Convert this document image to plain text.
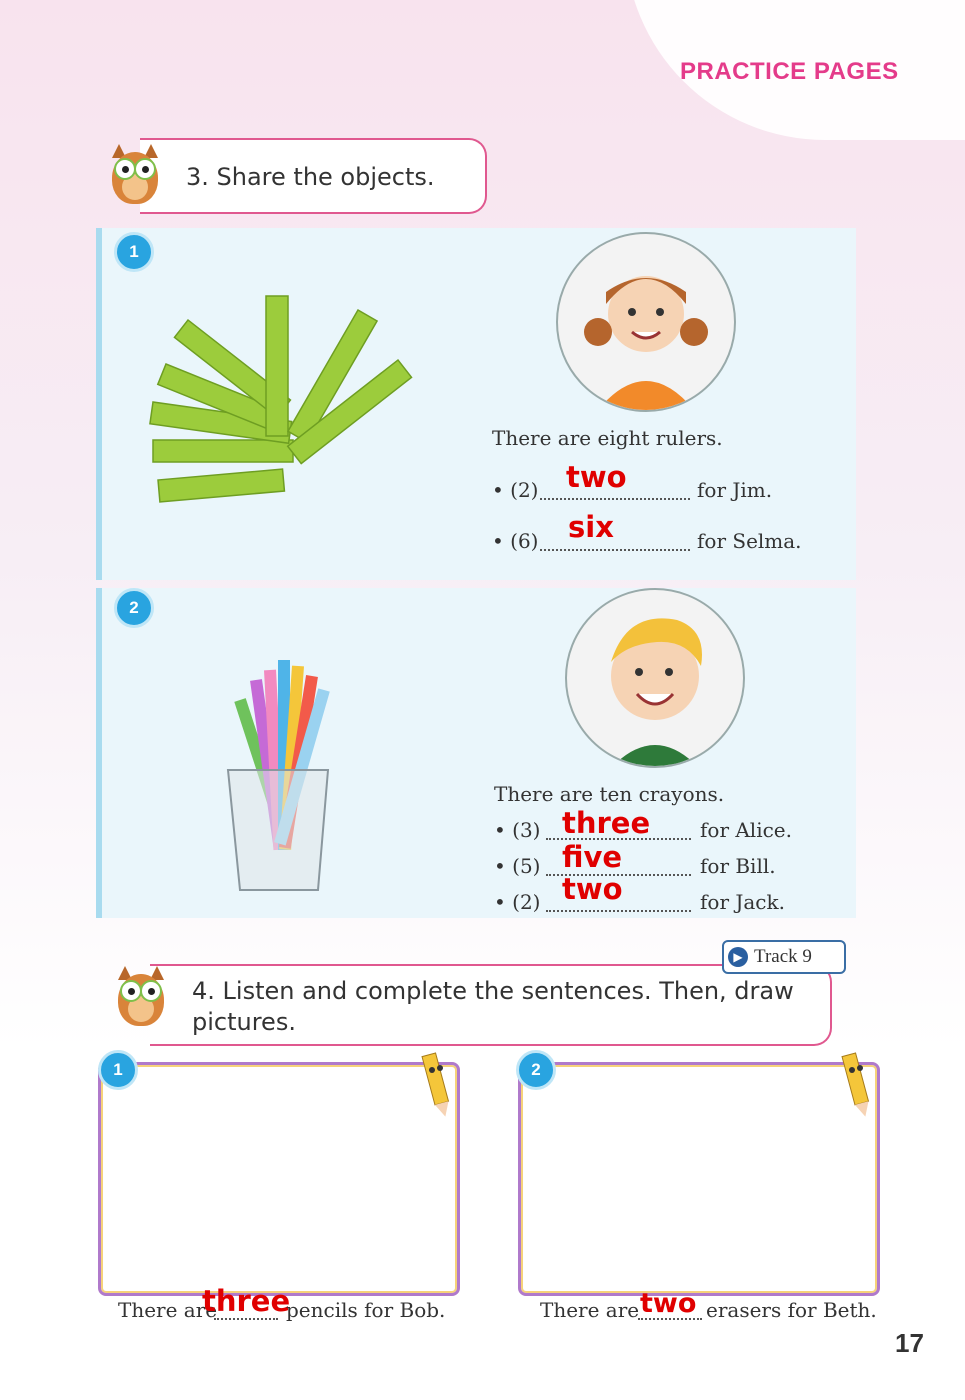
PRACTICE PAGES
3. Share the objects.
1
There are eight rulers.
• (2) two	for Jim.
• (6) six	for Selma.
2
There are ten crayons.
• (3) three for Alice.
• (5) five	for Bill.
• (2) two	for Jack.
4. Listen and complete the sentences. Then, draw
pictures.
▶ Track 9
1
There are
three
pencils for Bob.
2
There are two erasers for Beth.
17
